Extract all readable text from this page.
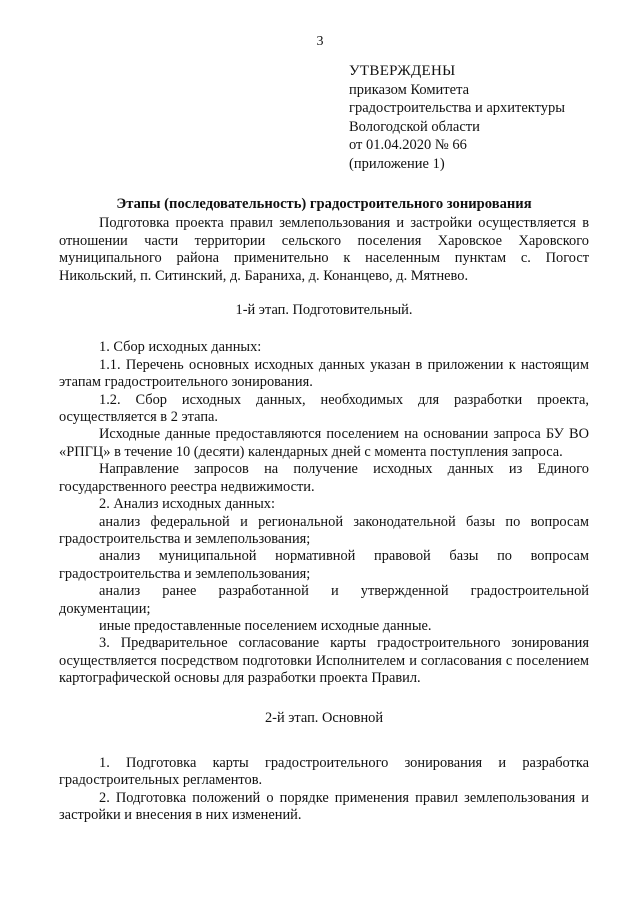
3
УТВЕРЖДЕНЫ
приказом Комитета
градостроительства и архитектуры
Вологодской области
от 01.04.2020 № 66
(приложение 1)
Этапы (последовательность) градостроительного зонирования

Подготовка проекта правил землепользования и застройки осуществляется в отношении части территории сельского поселения Харовское Харовского муниципального района применительно к населенным пунктам с. Погост Никольский, п. Ситинский, д. Бараниха, д. Конанцево, д. Мятнево.

1-й этап. Подготовительный.

1. Сбор исходных данных:

1.1. Перечень основных исходных данных указан в приложении к настоящим этапам градостроительного зонирования.

1.2. Сбор исходных данных, необходимых для разработки проекта, осуществляется в 2 этапа.

Исходные данные предоставляются поселением на основании запроса БУ ВО «РПГЦ» в течение 10 (десяти) календарных дней с момента поступления запроса.

Направление запросов на получение исходных данных из Единого государственного реестра недвижимости.

2. Анализ исходных данных:

анализ федеральной и региональной законодательной базы по вопросам градостроительства и землепользования;

анализ муниципальной нормативной правовой базы по вопросам градостроительства и землепользования;

анализ ранее разработанной и утвержденной градостроительной документации;

иные предоставленные поселением исходные данные.

3. Предварительное согласование карты градостроительного зонирования осуществляется посредством подготовки Исполнителем и согласования с поселением картографической основы для разработки проекта Правил.

2-й этап. Основной

1. Подготовка карты градостроительного зонирования и разработка градостроительных регламентов.

2. Подготовка положений о порядке применения правил землепользования и застройки и внесения в них изменений.
